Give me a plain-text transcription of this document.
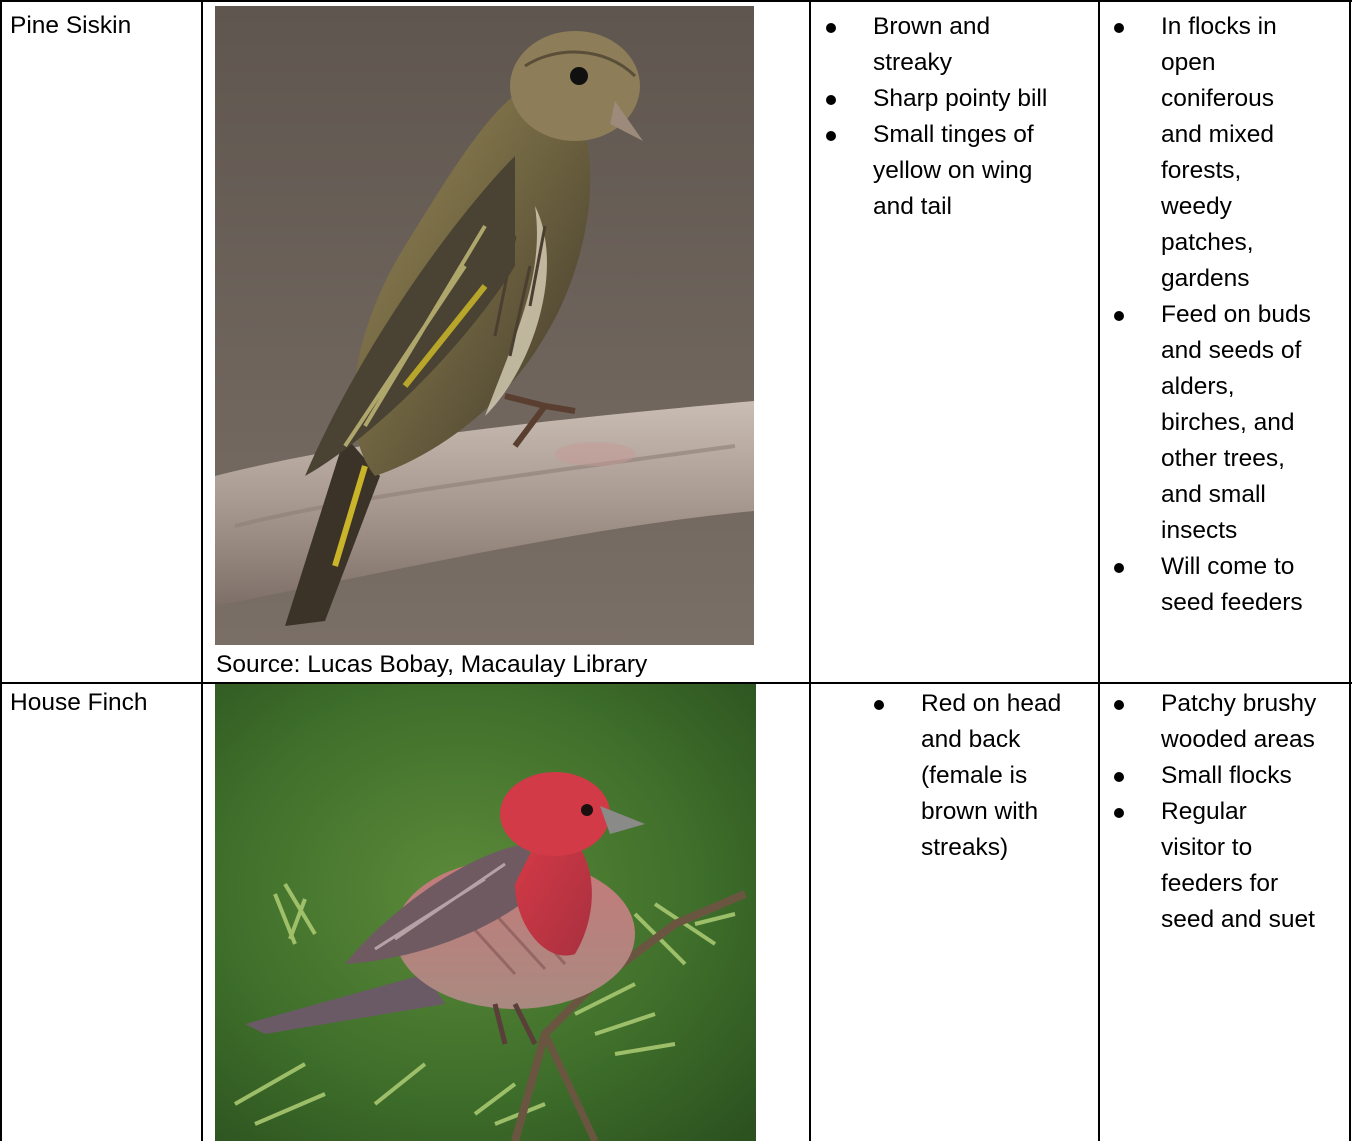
Pine Siskin
Source: Lucas Bobay, Macaulay Library
Brown and
streaky
Sharp pointy bill
Small tinges of
yellow on wing
and tail
In flocks in
open
coniferous
and mixed
forests,
weedy
patches,
gardens
Feed on buds
and seeds of
alders,
birches, and
other trees,
and small
insects
Will come to
seed feeders
House Finch	Red on head
and back
(female is
brown with
streaks)
Patchy brushy
wooded areas
Small flocks
Regular
visitor to
feeders for
seed and suet
